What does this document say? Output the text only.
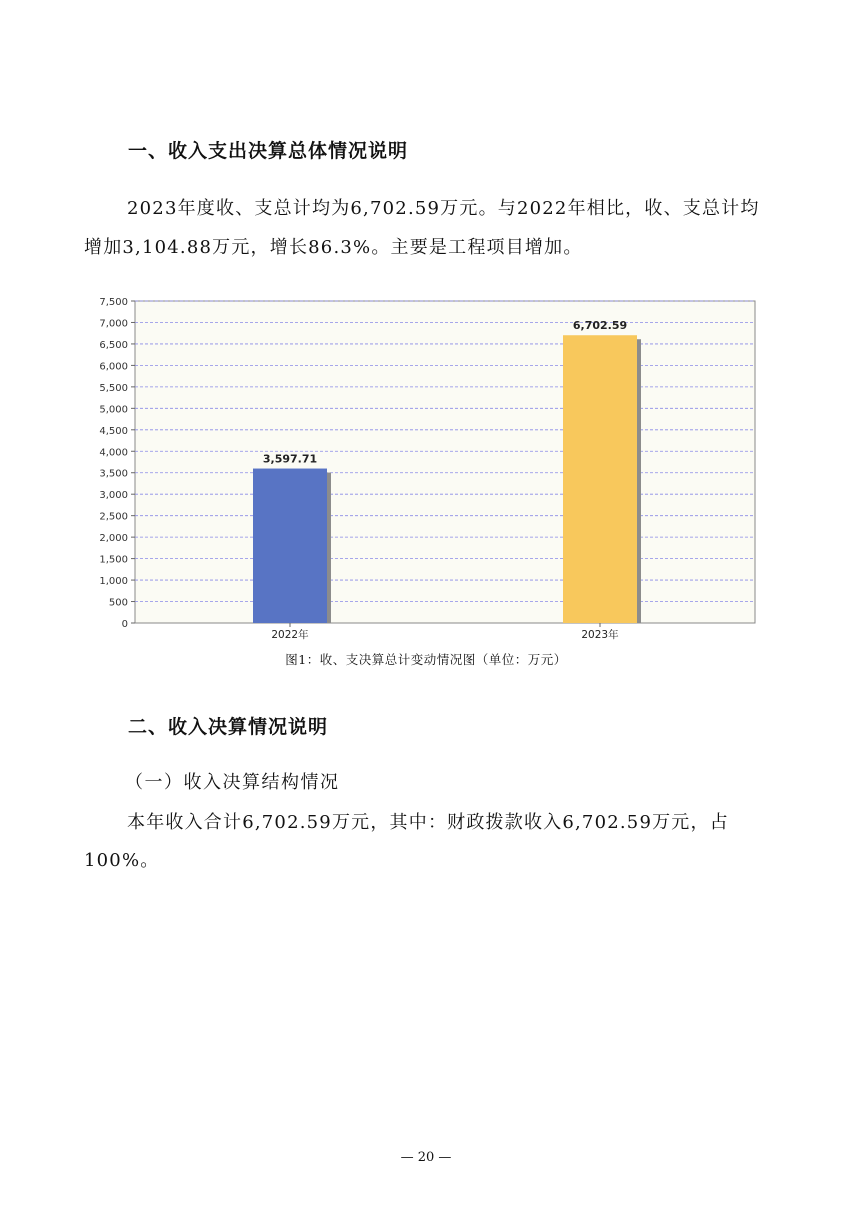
一、收入支出决算总体情况说明
2023年度收、支总计均为6,702.59万元。与2022年相比，收、支总计均
增加3,104.88万元，增长86.3%。主要是工程项目增加。
0
500
1,000
1,500
2,000
2,500
3,000
3,500
4,000
4,500
5,000
5,500
6,000
6,500
7,000
7,500
3,597.71
2022年
6,702.59
2023年
图1：收、支决算总计变动情况图（单位：万元）
二、收入决算情况说明
（一）收入决算结构情况
本年收入合计6,702.59万元，其中：财政拨款收入6,702.59万元，占
100%。
— 20 —
